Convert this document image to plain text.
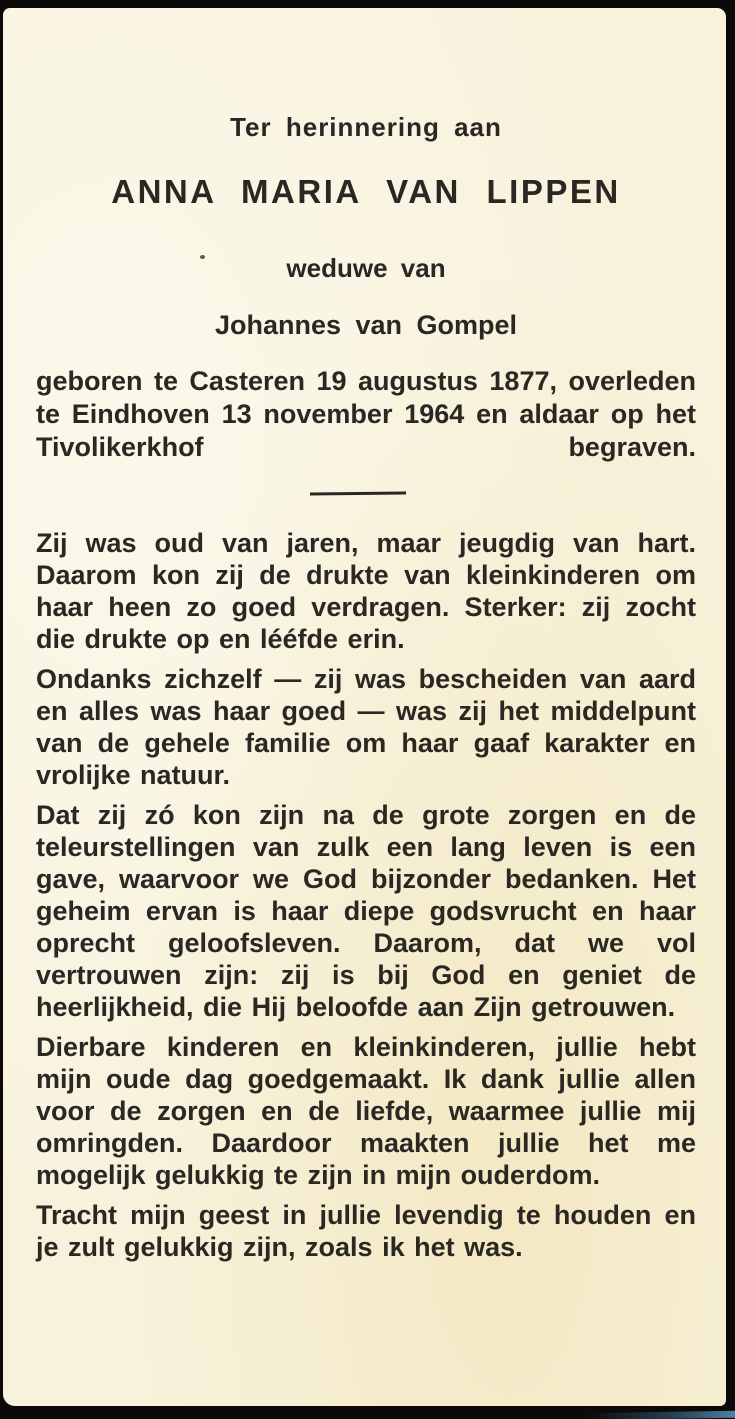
Ter herinnering aan
ANNA MARIA VAN LIPPEN
weduwe van
Johannes van Gompel
geboren te Casteren 19 augustus 1877, overleden te Eindhoven 13 november 1964 en aldaar op het Tivolikerkhof begraven.

Zij was oud van jaren, maar jeugdig van hart. Daarom kon zij de drukte van kleinkinderen om haar heen zo goed verdragen. Sterker: zij zocht die drukte op en lééfde erin.

Ondanks zichzelf — zij was bescheiden van aard en alles was haar goed — was zij het middelpunt van de gehele familie om haar gaaf karakter en vrolijke natuur.

Dat zij zó kon zijn na de grote zorgen en de teleurstellingen van zulk een lang leven is een gave, waarvoor we God bijzonder bedanken. Het geheim ervan is haar diepe godsvrucht en haar oprecht geloofsleven. Daarom, dat we vol vertrouwen zijn: zij is bij God en geniet de heerlijkheid, die Hij beloofde aan Zijn getrouwen.

Dierbare kinderen en kleinkinderen, jullie hebt mijn oude dag goedgemaakt. Ik dank jullie allen voor de zorgen en de liefde, waarmee jullie mij omringden. Daardoor maakten jullie het me mogelijk gelukkig te zijn in mijn ouderdom.

Tracht mijn geest in jullie levendig te houden en je zult gelukkig zijn, zoals ik het was.
